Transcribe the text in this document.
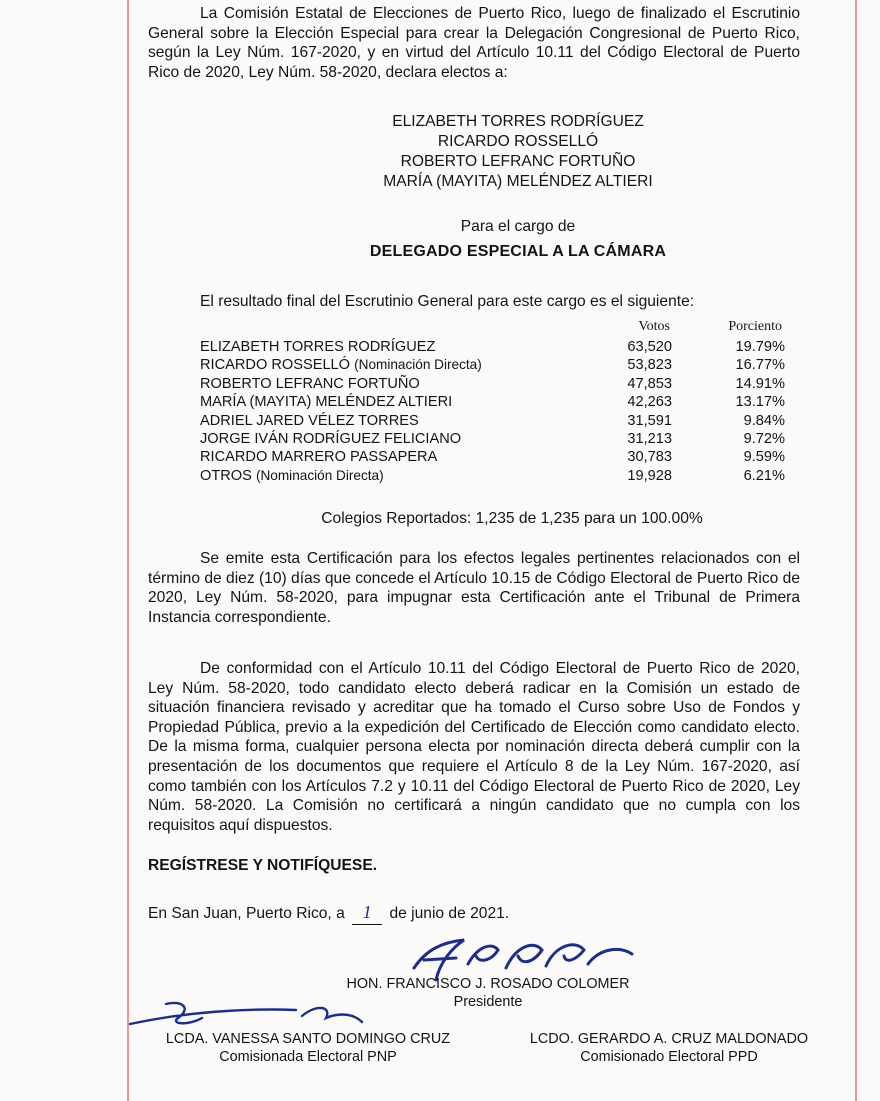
La Comisión Estatal de Elecciones de Puerto Rico, luego de finalizado el Escrutinio General sobre la Elección Especial para crear la Delegación Congresional de Puerto Rico, según la Ley Núm. 167-2020, y en virtud del Artículo 10.11 del Código Electoral de Puerto Rico de 2020, Ley Núm. 58-2020, declara electos a:

ELIZABETH TORRES RODRÍGUEZ
RICARDO ROSSELLÓ
ROBERTO LEFRANC FORTUÑO
MARÍA (MAYITA) MELÉNDEZ ALTIERI
Para el cargo de
DELEGADO ESPECIAL A LA CÁMARA

El resultado final del Escrutinio General para este cargo es el siguiente:

	Votos	Porciento
ELIZABETH TORRES RODRÍGUEZ	63,520	19.79%
RICARDO ROSSELLÓ (Nominación Directa)	53,823	16.77%
ROBERTO LEFRANC FORTUÑO	47,853	14.91%
MARÍA (MAYITA) MELÉNDEZ ALTIERI	42,263	13.17%
ADRIEL JARED VÉLEZ TORRES	31,591	9.84%
JORGE IVÁN RODRÍGUEZ FELICIANO	31,213	9.72%
RICARDO MARRERO PASSAPERA	30,783	9.59%
OTROS (Nominación Directa)	19,928	6.21%
Colegios Reportados: 1,235 de 1,235 para un 100.00%

Se emite esta Certificación para los efectos legales pertinentes relacionados con el término de diez (10) días que concede el Artículo 10.15 de Código Electoral de Puerto Rico de 2020, Ley Núm. 58-2020, para impugnar esta Certificación ante el Tribunal de Primera Instancia correspondiente.

De conformidad con el Artículo 10.11 del Código Electoral de Puerto Rico de 2020, Ley Núm. 58-2020, todo candidato electo deberá radicar en la Comisión un estado de situación financiera revisado y acreditar que ha tomado el Curso sobre Uso de Fondos y Propiedad Pública, previo a la expedición del Certificado de Elección como candidato electo. De la misma forma, cualquier persona electa por nominación directa deberá cumplir con la presentación de los documentos que requiere el Artículo 8 de la Ley Núm. 167-2020, así como también con los Artículos 7.2 y 10.11 del Código Electoral de Puerto Rico de 2020, Ley Núm. 58-2020. La Comisión no certificará a ningún candidato que no cumpla con los requisitos aquí dispuestos.

REGÍSTRESE Y NOTIFÍQUESE.

En San Juan, Puerto Rico, a 1 de junio de 2021.

HON. FRANCISCO J. ROSADO COLOMER
Presidente
LCDA. VANESSA SANTO DOMINGO CRUZ
Comisionada Electoral PNP
LCDO. GERARDO A. CRUZ MALDONADO
Comisionado Electoral PPD
